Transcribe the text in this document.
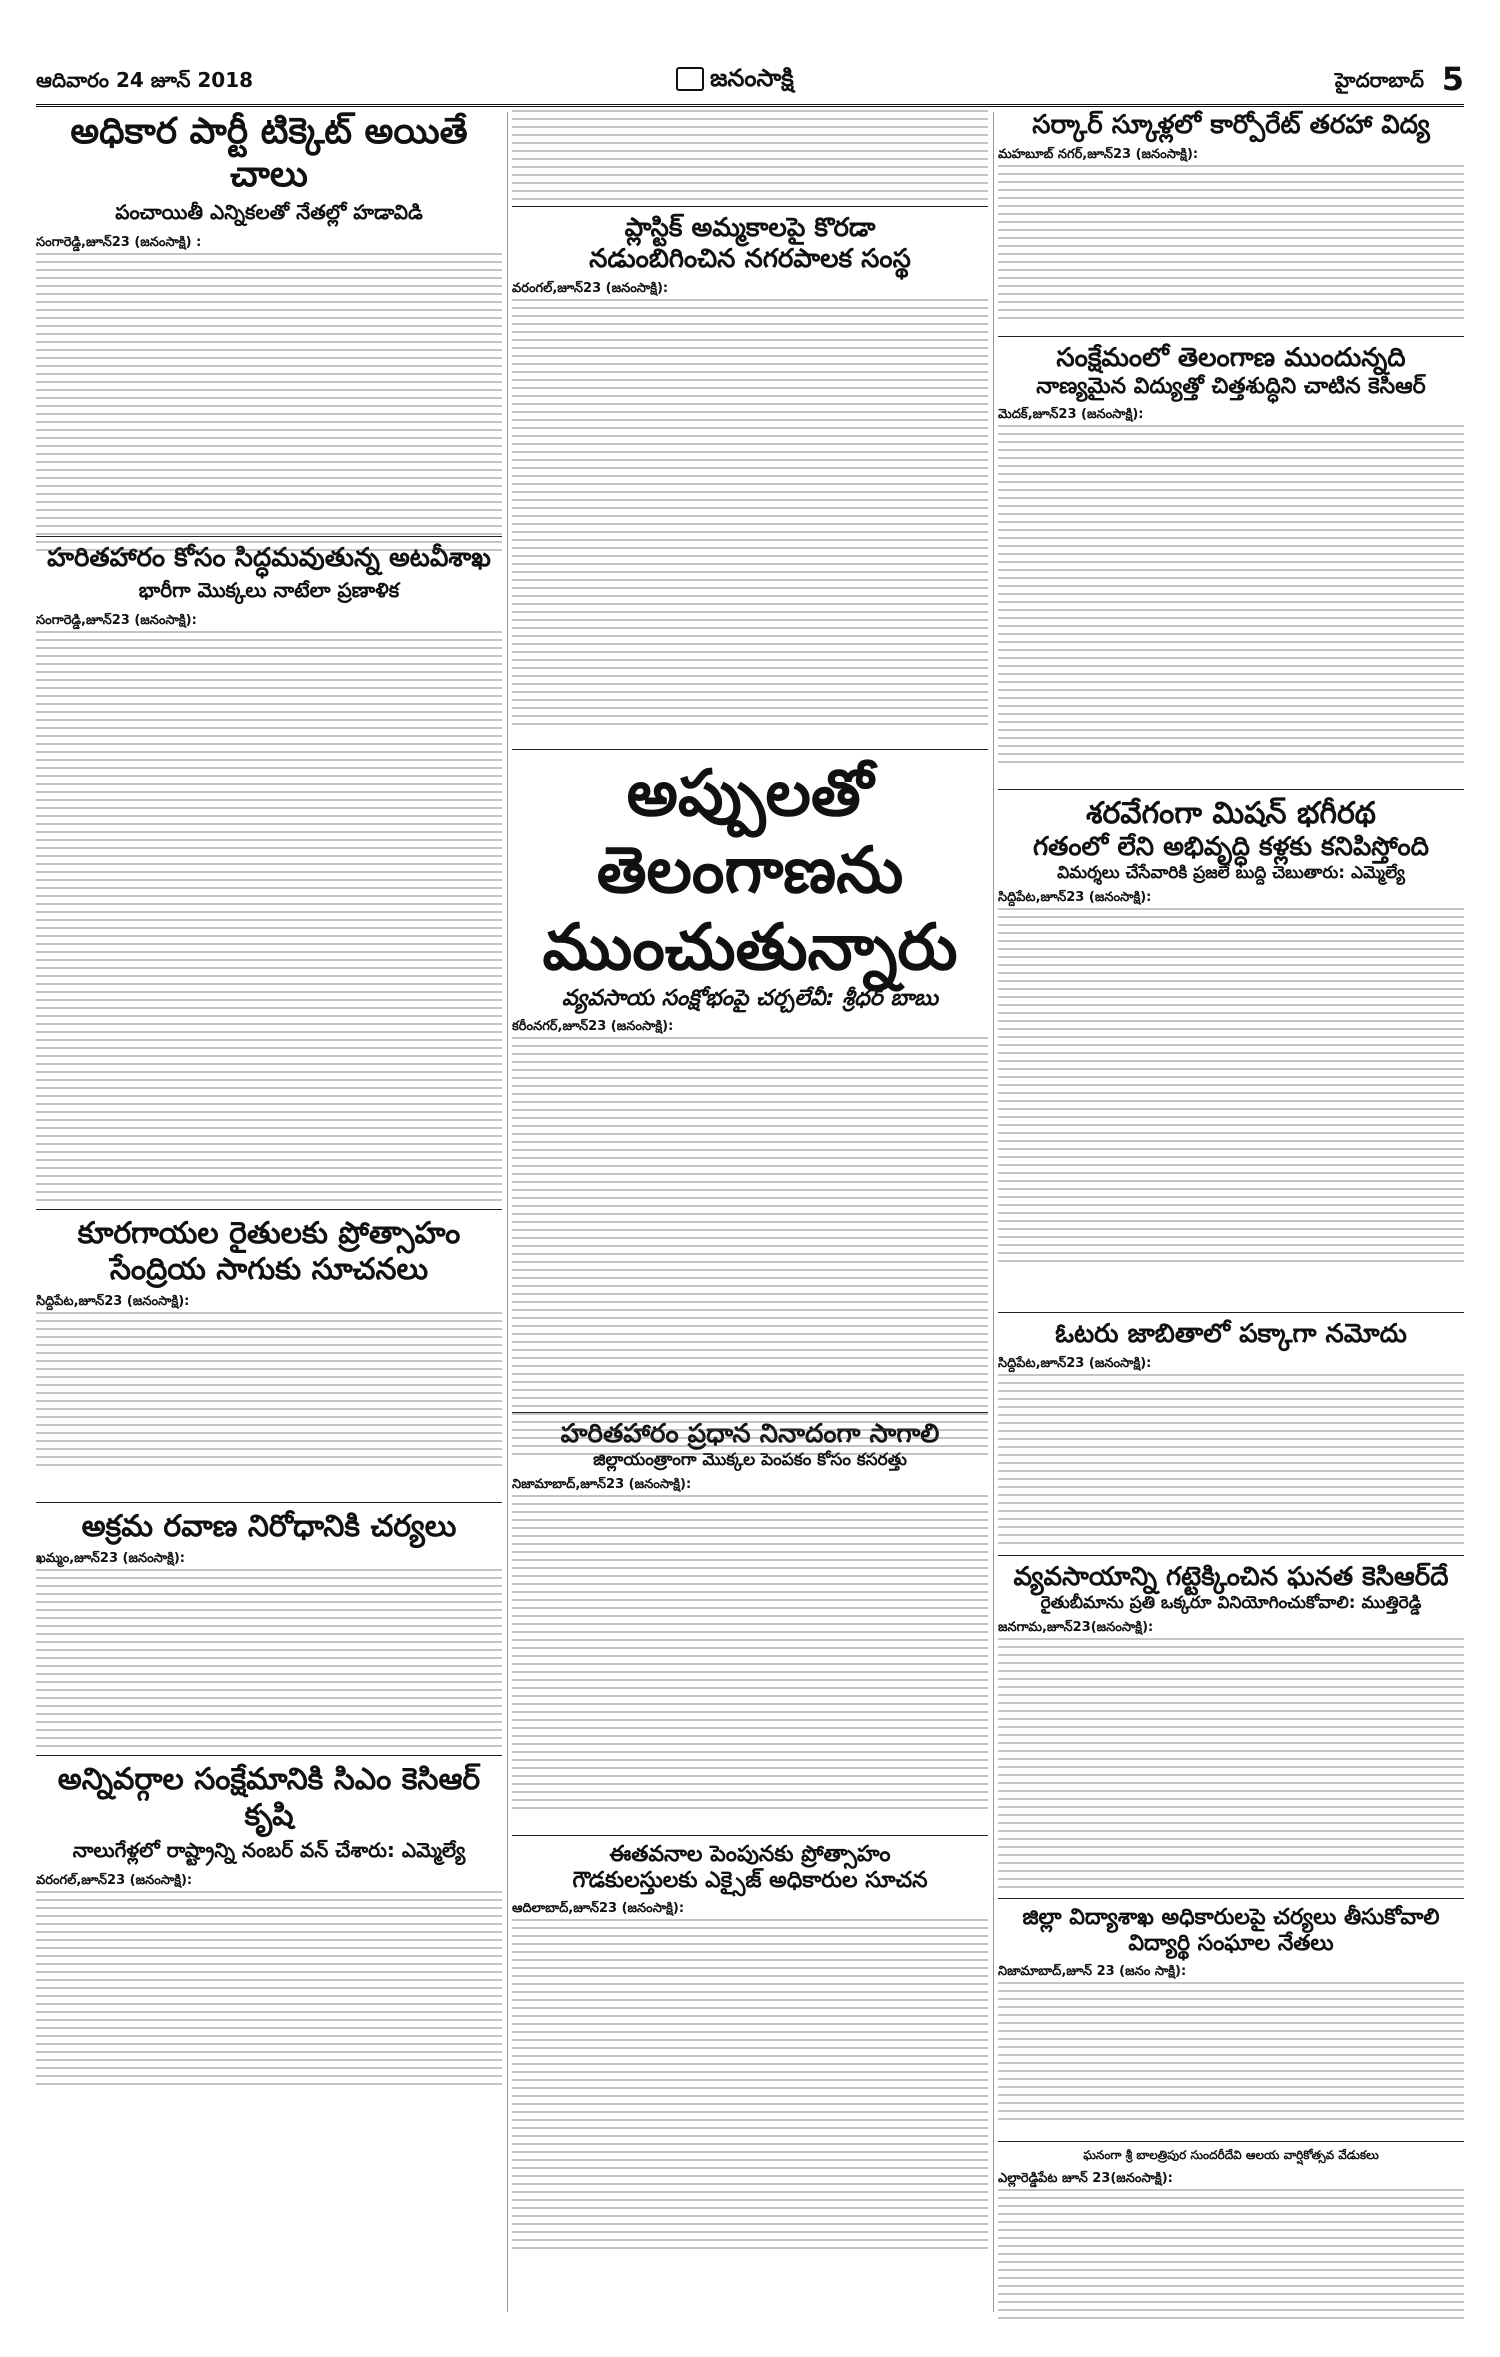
ఆదివారం 24 జూన్ 2018	జనంసాక్షి	హైదరాబాద్ 5
అధికార పార్టీ టిక్కెట్ అయితే చాలు
పంచాయితీ ఎన్నికలతో నేతల్లో హడావిడి
సంగారెడ్డి,జూన్23 (జనంసాక్షి) :
హరితహారం కోసం సిద్ధమవుతున్న అటవీశాఖ
భారీగా మొక్కలు నాటేలా ప్రణాళిక
సంగారెడ్డి,జూన్23 (జనంసాక్షి):
కూరగాయల రైతులకు ప్రోత్సాహం
సేంద్రియ సాగుకు సూచనలు
సిద్దిపేట,జూన్23 (జనంసాక్షి):
అక్రమ రవాణ నిరోధానికి చర్యలు
ఖమ్మం,జూన్23 (జనంసాక్షి):
అన్నివర్గాల సంక్షేమానికి సిఎం కెసిఆర్ కృషి
నాలుగేళ్లలో రాష్ట్రాన్ని నంబర్ వన్ చేశారు: ఎమ్మెల్యే
వరంగల్,జూన్23 (జనంసాక్షి):
ప్లాస్టిక్ అమ్మకాలపై కొరడా
నడుంబిగించిన నగరపాలక సంస్థ
వరంగల్,జూన్23 (జనంసాక్షి):
అప్పులతో తెలంగాణను
ముంచుతున్నారు
వ్యవసాయ సంక్షోభంపై చర్చలేవీ: శ్రీధర్ బాబు
కరీంనగర్,జూన్23 (జనంసాక్షి):
హరితహారం ప్రధాన నినాదంగా సాగాలి
జిల్లాయంత్రాంగా మొక్కల పెంపకం కోసం కసరత్తు
నిజామాబాద్,జూన్23 (జనంసాక్షి):
ఈతవనాల పెంపునకు ప్రోత్సాహం
గౌడకులస్తులకు ఎక్సైజ్ అధికారుల సూచన
ఆదిలాబాద్,జూన్23 (జనంసాక్షి):
సర్కార్ స్కూళ్లలో కార్పోరేట్ తరహా విద్య
మహబూబ్ నగర్,జూన్23 (జనంసాక్షి):
సంక్షేమంలో తెలంగాణ ముందున్నది
నాణ్యమైన విద్యుత్తో చిత్తశుద్ధిని చాటిన కెసిఆర్
మెదక్,జూన్23 (జనంసాక్షి):
శరవేగంగా మిషన్ భగీరథ
గతంలో లేని అభివృద్ధి కళ్లకు కనిపిస్తోంది
విమర్శలు చేసేవారికి ప్రజలే బుద్ది చెబుతారు: ఎమ్మెల్యే
సిద్దిపేట,జూన్23 (జనంసాక్షి):
ఓటరు జాబితాలో పక్కాగా నమోదు
సిద్దిపేట,జూన్23 (జనంసాక్షి):
వ్యవసాయాన్ని గట్టెక్కించిన ఘనత కెసిఆర్‌దే
రైతుబీమాను ప్రతి ఒక్కరూ వినియోగించుకోవాలి: ముత్తిరెడ్డి
జనగామ,జూన్23(జనంసాక్షి):
జిల్లా విద్యాశాఖ అధికారులపై చర్యలు తీసుకోవాలి
విద్యార్థి సంఘాల నేతలు
నిజామాబాద్,జూన్ 23 (జనం సాక్షి):
ఘనంగా శ్రీ బాలత్రిపుర సుందరీదేవి ఆలయ వార్షికోత్సవ వేడుకలు
ఎల్లారెడ్డిపేట జూన్ 23(జనంసాక్షి):
